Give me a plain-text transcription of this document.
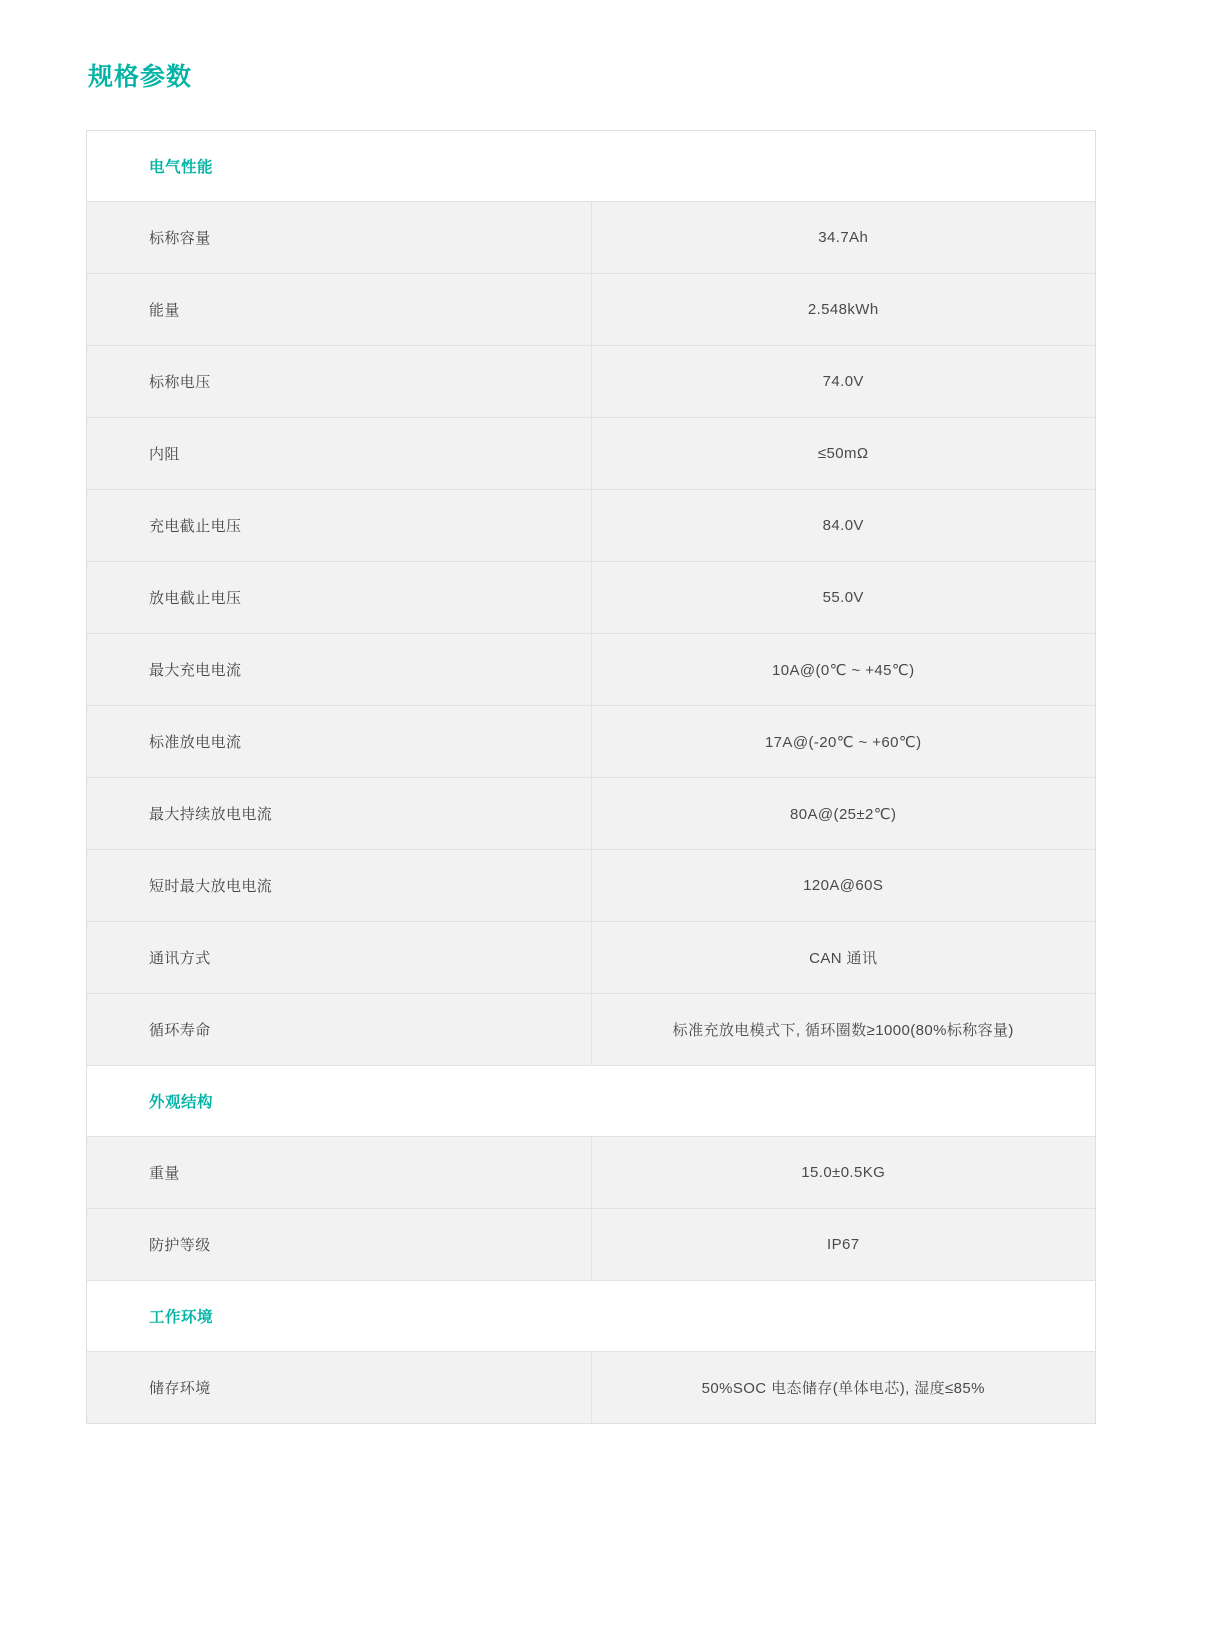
规格参数
电气性能	
标称容量	34.7Ah
能量	2.548kWh
标称电压	74.0V
内阻	≤50mΩ
充电截止电压	84.0V
放电截止电压	55.0V
最大充电电流	10A@(0℃ ~ +45℃)
标准放电电流	17A@(-20℃ ~ +60℃)
最大持续放电电流	80A@(25±2℃)
短时最大放电电流	120A@60S
通讯方式	CAN 通讯
循环寿命	标准充放电模式下, 循环圈数≥1000(80%标称容量)
外观结构	
重量	15.0±0.5KG
防护等级	IP67
工作环境	
储存环境	50%SOC 电态储存(单体电芯), 湿度≤85%
